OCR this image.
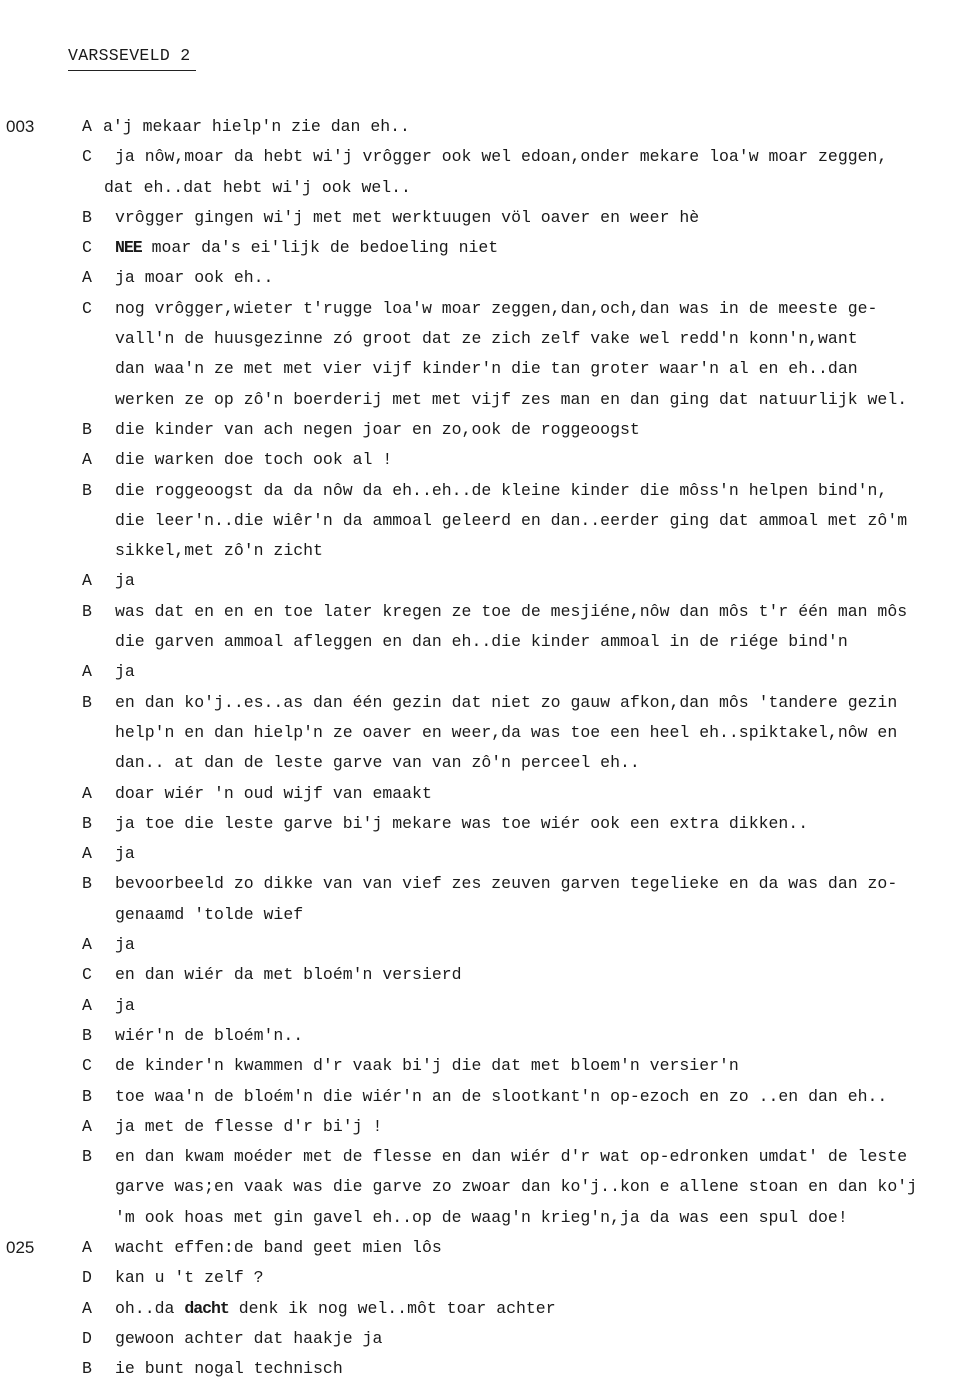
VARSSEVELD 2
003	A a'j mekaar hielp'n zie dan eh..
C ja nôw,moar da hebt wi'j vrôgger ook wel edoan,onder mekare loa'w moar zeggen,
dat eh..dat hebt wi'j ook wel..
B vrôgger gingen wi'j met met werktuugen völ oaver en weer hè
C NEE moar da's ei'lijk de bedoeling niet
A ja moar ook eh..
C nog vrôgger,wieter t'rugge loa'w moar zeggen,dan,och,dan was in de meeste ge-
vall'n de huusgezinne zó groot dat ze zich zelf vake wel redd'n konn'n,want
dan waa'n ze met met vier vijf kinder'n die tan groter waar'n al en eh..dan
werken ze op zô'n boerderij met met vijf zes man en dan ging dat natuurlijk wel.
B die kinder van ach negen joar en zo,ook de roggeoogst
A die warken doe toch ook al !
B die roggeoogst da da nôw da eh..eh..de kleine kinder die môss'n helpen bind'n,
die leer'n..die wiêr'n da ammoal geleerd en dan..eerder ging dat ammoal met zô'm
sikkel,met zô'n zicht
A ja
B was dat en en en toe later kregen ze toe de mesjiéne,nôw dan môs t'r één man môs
die garven ammoal afleggen en dan eh..die kinder ammoal in de riége bind'n
A ja
B en dan ko'j..es..as dan één gezin dat niet zo gauw afkon,dan môs 'tandere gezin
help'n en dan hielp'n ze oaver en weer,da was toe een heel eh..spiktakel,nôw en
dan.. at dan de leste garve van van zô'n perceel eh..
A doar wiér 'n oud wijf van emaakt
B ja toe die leste garve bi'j mekare was toe wiér ook een extra dikken..
A ja
B bevoorbeeld zo dikke van van vief zes zeuven garven tegelieke en da was dan zo-
genaamd 'tolde wief
A ja
C en dan wiér da met bloém'n versierd
A ja
B wiér'n de bloém'n..
C de kinder'n kwammen d'r vaak bi'j die dat met bloem'n versier'n
B toe waa'n de bloém'n die wiér'n an de slootkant'n op-ezoch en zo ..en dan eh..
A ja met de flesse d'r bi'j !
B en dan kwam moéder met de flesse en dan wiér d'r wat op-edronken umdat' de leste
garve was;en vaak was die garve zo zwoar dan ko'j..kon e allene stoan en dan ko'j
'm ook hoas met gin gavel eh..op de waag'n krieg'n,ja da was een spul doe!
025	A wacht effen:de band geet mien lôs
D kan u 't zelf ?
A oh..da dacht denk ik nog wel..môt toar achter
D gewoon achter dat haakje ja
B ie bunt nogal technisch
